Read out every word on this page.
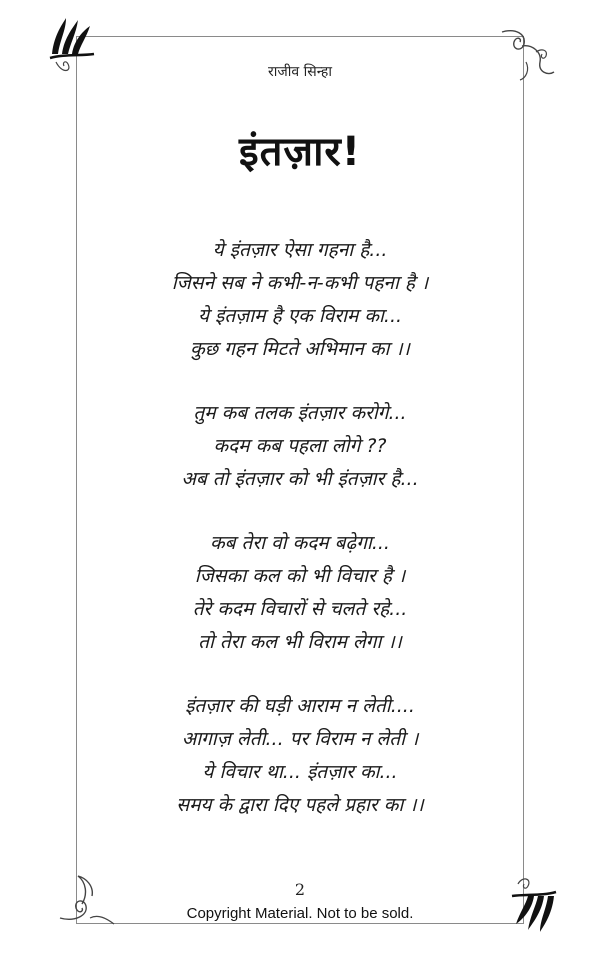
राजीव सिन्हा
इंतज़ार!
ये इंतज़ार ऐसा गहना है...
जिसने सब ने कभी-न-कभी पहना है ।
ये इंतज़ाम है एक विराम का...
कुछ गहन मिटते अभिमान का ।।
तुम कब तलक इंतज़ार करोगे...
कदम कब पहला लोगे ??
अब तो इंतज़ार को भी इंतज़ार है...
कब तेरा वो कदम बढ़ेगा...
जिसका कल को भी विचार है ।
तेरे कदम विचारों से चलते रहे...
तो तेरा कल भी विराम लेगा ।।
इंतज़ार की घड़ी आराम न लेती....
आगाज़ लेती... पर विराम न लेती ।
ये विचार था... इंतज़ार का...
समय के द्वारा दिए पहले प्रहार का ।।
2
Copyright Material. Not to be sold.
